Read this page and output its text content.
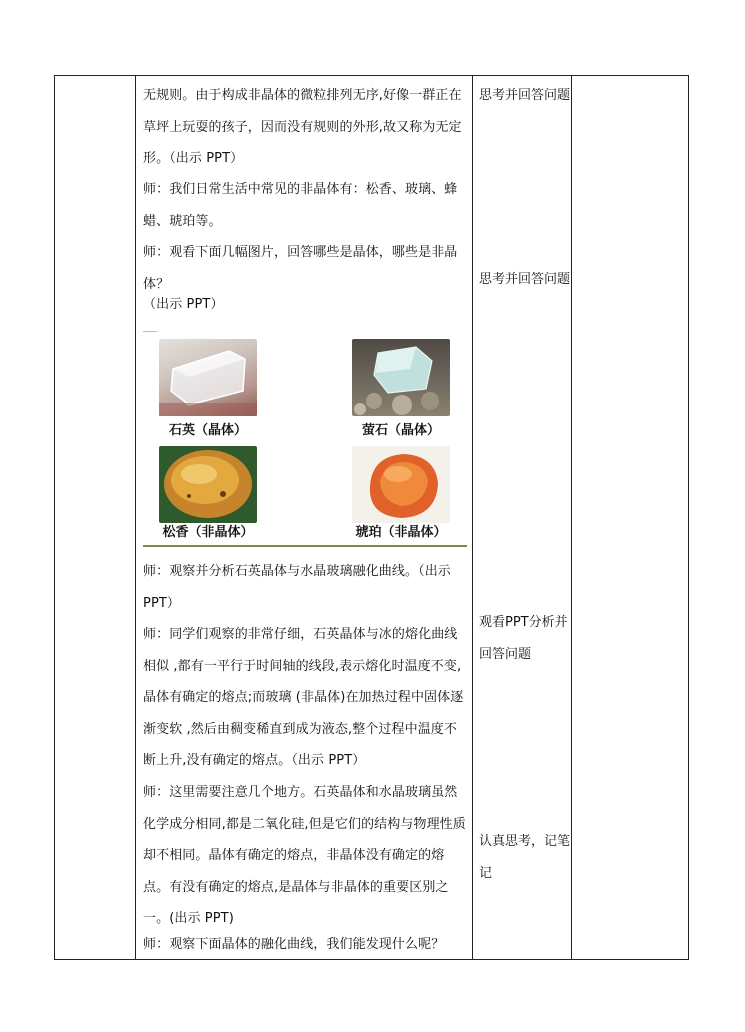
无规则。由于构成非晶体的微粒排列无序,好像一群正在草坪上玩耍的孩子，因而没有规则的外形,故又称为无定形。（出示 PPT）

师：我们日常生活中常见的非晶体有：松香、玻璃、蜂蜡、琥珀等。

师：观看下面几幅图片，回答哪些是晶体，哪些是非晶体？

（出示 PPT）

石英（晶体）	萤石（晶体）
松香（非晶体）	琥珀（非晶体）

师：观察并分析石英晶体与水晶玻璃融化曲线。（出示 PPT）

师：同学们观察的非常仔细，石英晶体与冰的熔化曲线相似 ,都有一平行于时间轴的线段,表示熔化时温度不变,晶体有确定的熔点;而玻璃 (非晶体)在加热过程中固体逐渐变软 ,然后由稠变稀直到成为液态,整个过程中温度不断上升,没有确定的熔点。（出示 PPT）

师：这里需要注意几个地方。石英晶体和水晶玻璃虽然化学成分相同,都是二氧化硅,但是它们的结构与物理性质却不相同。晶体有确定的熔点，非晶体没有确定的熔点。有没有确定的熔点,是晶体与非晶体的重要区别之一。(出示 PPT)

师：观察下面晶体的融化曲线，我们能发现什么呢？

思考并回答问题
思考并回答问题
观看PPT分析并回答问题
认真思考，记笔记
